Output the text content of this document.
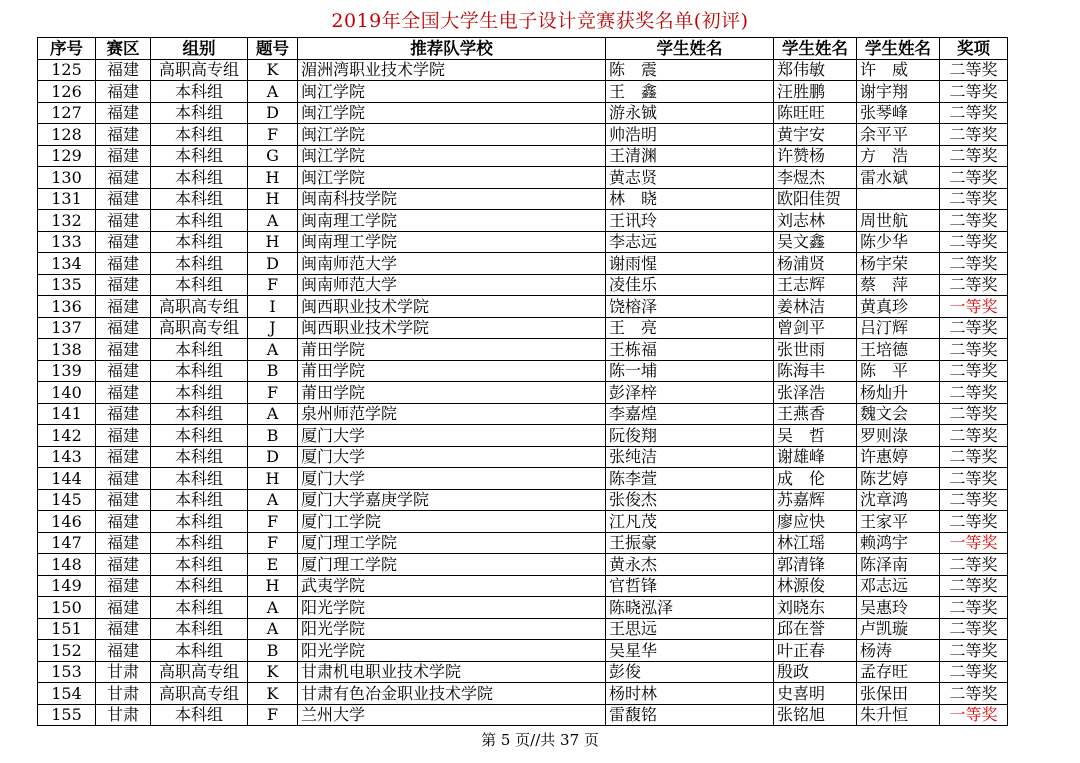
2019年全国大学生电子设计竞赛获奖名单(初评)
序号	赛区	组别	题号	推荐队学校	学生姓名	学生姓名	学生姓名	奖项
125	福建	高职高专组	K	湄洲湾职业技术学院	陈　震	郑伟敏	许　威	二等奖
126	福建	本科组	A	闽江学院	王　鑫	汪胜鹏	谢宇翔	二等奖
127	福建	本科组	D	闽江学院	游永铖	陈旺旺	张琴峰	二等奖
128	福建	本科组	F	闽江学院	帅浩明	黄宇安	余平平	二等奖
129	福建	本科组	G	闽江学院	王清渊	许赞杨	方　浩	二等奖
130	福建	本科组	H	闽江学院	黄志贤	李煜杰	雷水斌	二等奖
131	福建	本科组	H	闽南科技学院	林　晓	欧阳佳贺		二等奖
132	福建	本科组	A	闽南理工学院	王讯玲	刘志林	周世航	二等奖
133	福建	本科组	H	闽南理工学院	李志远	吴文鑫	陈少华	二等奖
134	福建	本科组	D	闽南师范大学	谢雨惺	杨浦贤	杨宇荣	二等奖
135	福建	本科组	F	闽南师范大学	凌佳乐	王志辉	蔡　萍	二等奖
136	福建	高职高专组	I	闽西职业技术学院	饶榕泽	姜林洁	黄真珍	一等奖
137	福建	高职高专组	J	闽西职业技术学院	王　亮	曾剑平	吕汀辉	二等奖
138	福建	本科组	A	莆田学院	王栋福	张世雨	王培德	二等奖
139	福建	本科组	B	莆田学院	陈一埔	陈海丰	陈　平	二等奖
140	福建	本科组	F	莆田学院	彭泽梓	张泽浩	杨灿升	二等奖
141	福建	本科组	A	泉州师范学院	李嘉煌	王燕香	魏文会	二等奖
142	福建	本科组	B	厦门大学	阮俊翔	吴　哲	罗则淥	二等奖
143	福建	本科组	D	厦门大学	张纯洁	谢雄峰	许惠婷	二等奖
144	福建	本科组	H	厦门大学	陈李萱	成　伦	陈艺婷	二等奖
145	福建	本科组	A	厦门大学嘉庚学院	张俊杰	苏嘉辉	沈章鸿	二等奖
146	福建	本科组	F	厦门工学院	江凡茂	廖应快	王家平	二等奖
147	福建	本科组	F	厦门理工学院	王振豪	林江瑶	赖鸿宇	一等奖
148	福建	本科组	E	厦门理工学院	黄永杰	郭清锋	陈泽南	二等奖
149	福建	本科组	H	武夷学院	官哲锋	林源俊	邓志远	二等奖
150	福建	本科组	A	阳光学院	陈晓泓泽	刘晓东	吴惠玲	二等奖
151	福建	本科组	A	阳光学院	王思远	邱在誉	卢凯璇	二等奖
152	福建	本科组	B	阳光学院	吴星华	叶正春	杨涛	二等奖
153	甘肃	高职高专组	K	甘肃机电职业技术学院	彭俊	殷政	孟存旺	二等奖
154	甘肃	高职高专组	K	甘肃有色冶金职业技术学院	杨时林	史喜明	张保田	二等奖
155	甘肃	本科组	F	兰州大学	雷馥铭	张铭旭	朱升恒	一等奖
第 5 页//共 37 页
